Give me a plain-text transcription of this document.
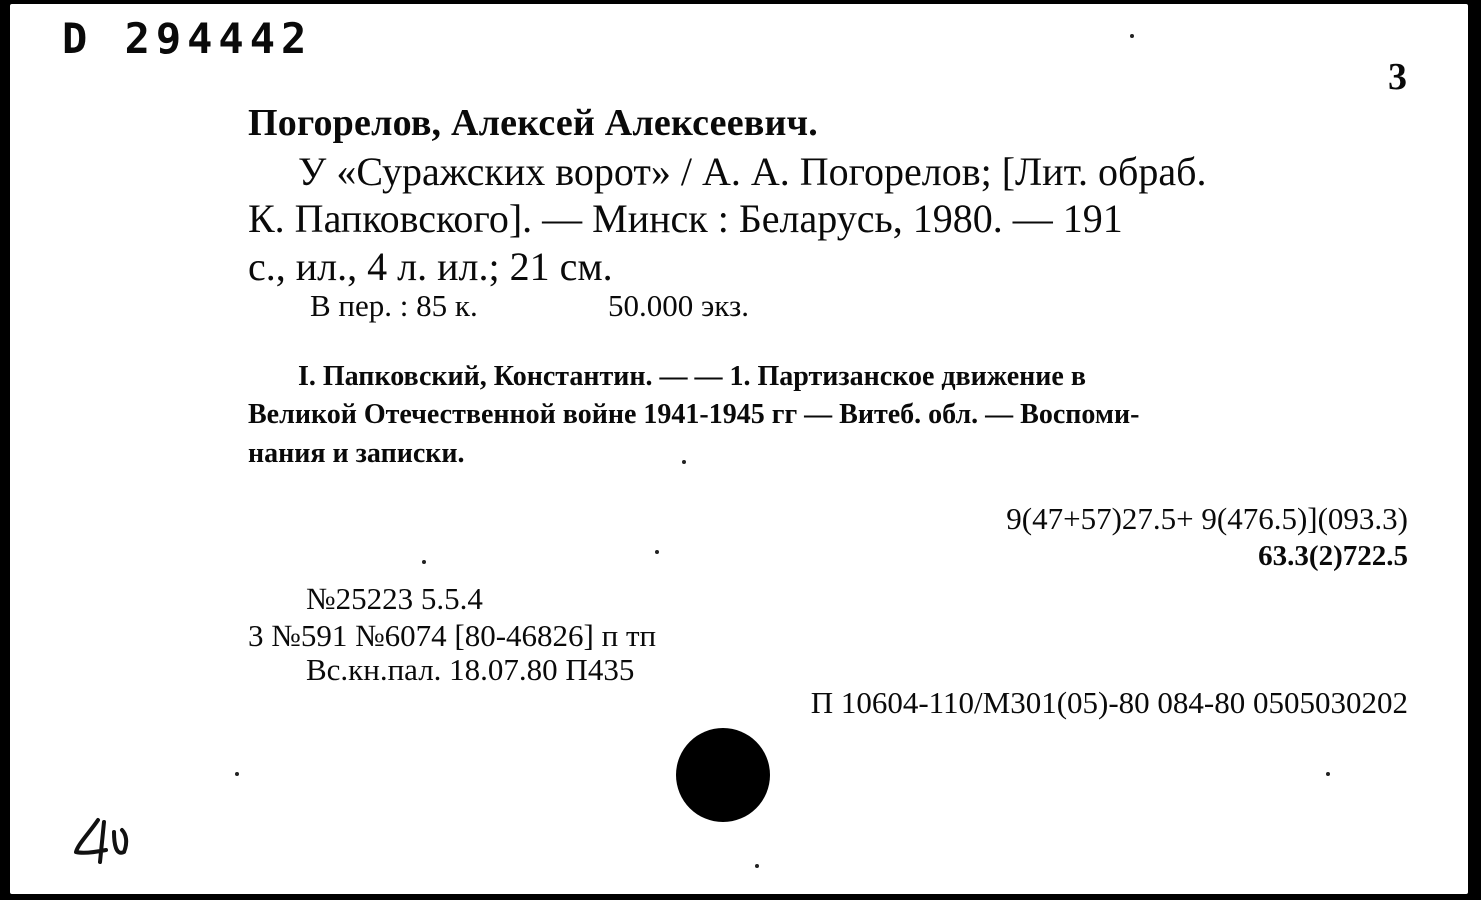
D 294442
3
Погорелов, Алексей Алексеевич.
У «Суражских ворот» / А. А. Погорелов; [Лит. обраб.
К. Папковского]. — Минск : Беларусь, 1980. — 191
с., ил., 4 л. ил.; 21 см.
В пер. : 85 к.	50.000 экз.
I. Папковский, Константин. — — 1. Партизанское движение в
Великой Отечественной войне 1941-1945 гг — Витеб. обл. — Воспоми-
нания и записки.
9(47+57)27.5+ 9(476.5)](093.3)
63.3(2)722.5
№25223 5.5.4
3 №591 №6074 [80-46826] п тп
Вс.кн.пал. 18.07.80 П435
П 10604-110/М301(05)-80 084-80 0505030202
